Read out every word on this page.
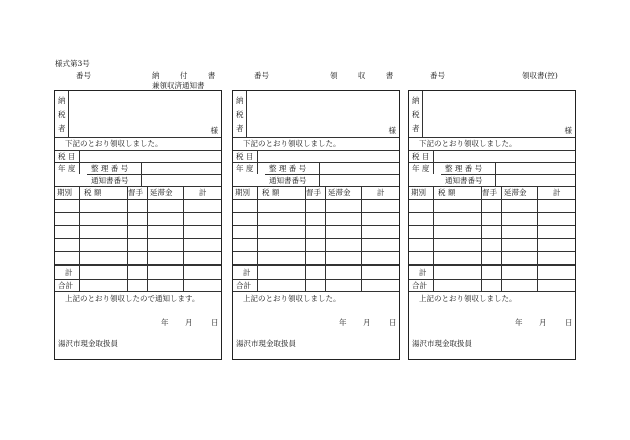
様式第3号
番号	納 付 書
兼領収済通知書
番号	領 収 書	番号	領収書(控)
納
税
者	様
下記のとおり領収しました。
税 目
年 度 整 理 番 号
通知書番号
期別 税 額	督手 延滞金	計
計
合計
上記のとおり領収したので通知します。
年 月 日
湯沢市現金取扱員
納
税
者	様
下記のとおり領収しました。
税 目
年 度 整 理 番 号
通知書番号
期別 税 額	督手 延滞金	計
計
合計
上記のとおり領収しました。
年 月 日
湯沢市現金取扱員
納
税
者	様
下記のとおり領収しました。
税 目
年 度 整 理 番 号
通知書番号
期別 税 額	督手 延滞金	計
計
合計
上記のとおり領収しました。
年 月 日
湯沢市現金取扱員
